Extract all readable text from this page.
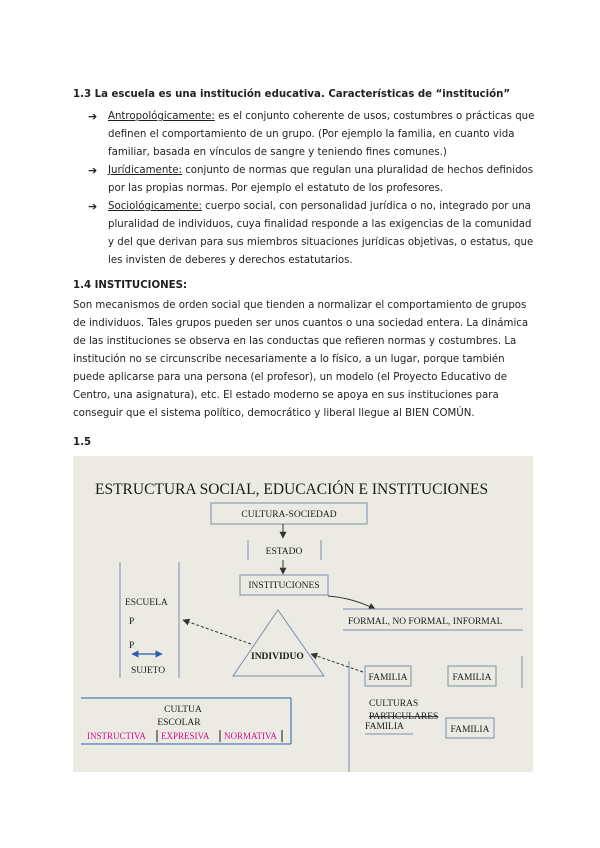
1.3 La escuela es una institución educativa. Características de “institución”
➔ Antropológicamente: es el conjunto coherente de usos, costumbres o prácticas que definen el comportamiento de un grupo. (Por ejemplo la familia, en cuanto vida familiar, basada en vínculos de sangre y teniendo fines comunes.)
➔ Jurídicamente: conjunto de normas que regulan una pluralidad de hechos definidos por las propias normas. Por ejemplo el estatuto de los profesores.
➔ Sociológicamente: cuerpo social, con personalidad jurídica o no, integrado por una pluralidad de individuos, cuya finalidad responde a las exigencias de la comunidad y del que derivan para sus miembros situaciones jurídicas objetivas, o estatus, que les invisten de deberes y derechos estatutarios.
1.4 INSTITUCIONES:

Son mecanismos de orden social que tienden a normalizar el comportamiento de grupos de individuos. Tales grupos pueden ser unos cuantos o una sociedad entera. La dinámica de las instituciones se observa en las conductas que refieren normas y costumbres. La institución no se circunscribe necesariamente a lo físico, a un lugar, porque también puede aplicarse para una persona (el profesor), un modelo (el Proyecto Educativo de Centro, una asignatura), etc. El estado moderno se apoya en sus instituciones para conseguir que el sistema político, democrático y liberal llegue al BIEN COMÚN.

1.5
ESTRUCTURA SOCIAL, EDUCACIÓN E INSTITUCIONES
CULTURA-SOCIEDAD
ESTADO
INSTITUCIONES
FORMAL, NO FORMAL, INFORMAL
ESCUELA
P
P
SUJETO
INDIVIDUO
FAMILIA	FAMILIA
CULTURAS
PARTICULARES
FAMILIA	FAMILIA
CULTUA
ESCOLAR
INSTRUCTIVA EXPRESIVA NORMATIVA
